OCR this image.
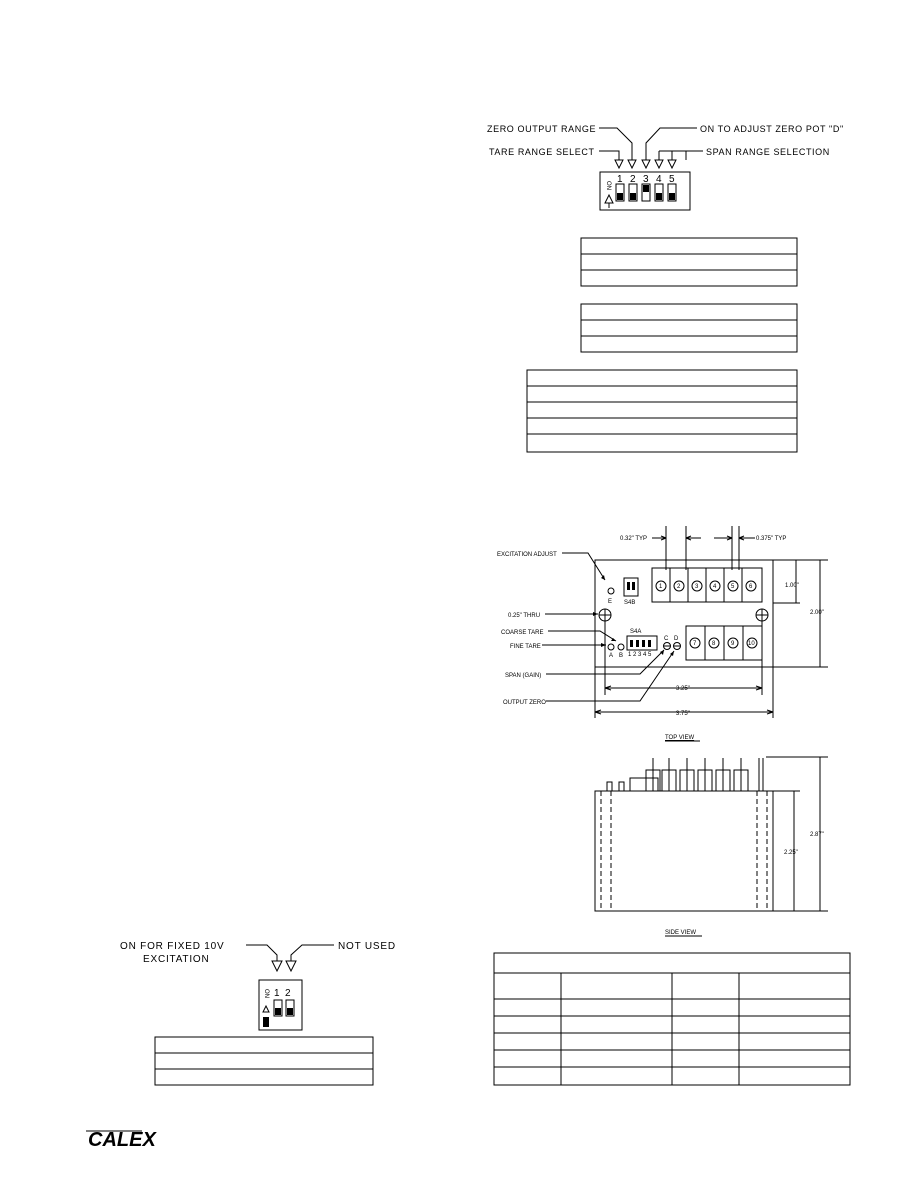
ZERO OUTPUT RANGE
TARE RANGE SELECT
ON TO ADJUST ZERO POT "D"
SPAN RANGE SELECTION
ON
1 2 3 4 5
0.32" TYP	0.375" TYP
1.00"
2.00"
3.25"
3.75"
1 2 3 4 5 6
7	8	9 10
S4B
E
S4A
1 2 3 4 5
A B
C D
EXCITATION ADJUST
0.25" THRU
COARSE TARE
FINE TARE
SPAN (GAIN)
OUTPUT ZERO
TOP VIEW
2.25"
2.87"
SIDE VIEW
ON FOR FIXED 10V
EXCITATION
NOT USED
ON 1 2
CALEX
